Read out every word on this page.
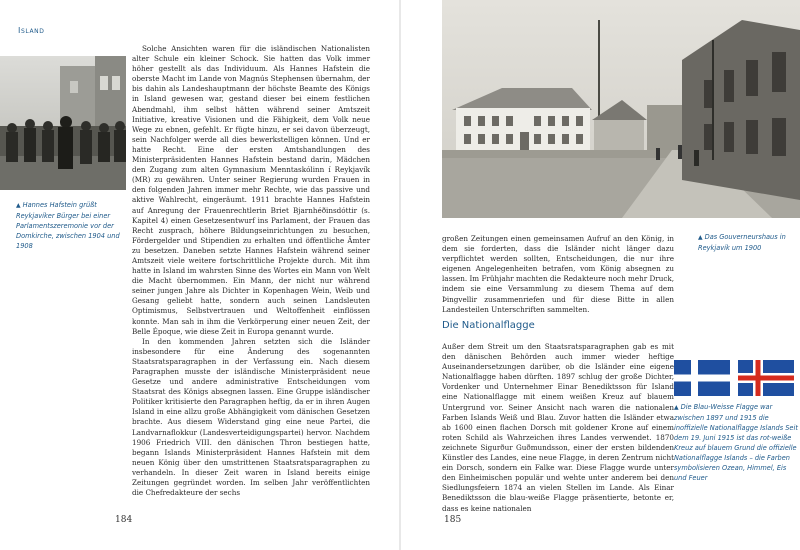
Island
▲ Hannes Hafstein grüßt Reykjavíker Bürger bei einer Parlamentszeremonie vor der Domkirche, zwischen 1904 und 1908

Solche Ansichten waren für die isländischen Nationalisten alter Schule ein kleiner Schock. Sie hatten das Volk immer höher gestellt als das Individuum. Als Hannes Hafstein die oberste Macht im Lande von Magnús Stephensen übernahm, der bis dahin als Landeshauptmann der höchste Beamte des Königs in Island gewesen war, gestand dieser bei einem festlichen Abendmahl, ihm selbst hätten während seiner Amtszeit Initiative, kreative Visionen und die Fähigkeit, dem Volk neue Wege zu ebnen, gefehlt. Er fügte hinzu, er sei davon überzeugt, sein Nachfolger werde all dies bewerkstelligen können. Und er hatte Recht. Eine der ersten Amtshandlungen des Ministerpräsidenten Hannes Hafstein bestand darin, Mädchen den Zugang zum alten Gymnasium Menntaskólinn í Reykjavík (MR) zu gewähren. Unter seiner Regierung wurden Frauen in den folgenden Jahren immer mehr Rechte, wie das passive und aktive Wahlrecht, eingeräumt. 1911 brachte Hannes Hafstein auf Anregung der Frauenrechtlerin Briet Bjarnhéðinsdóttir (s. Kapitel 4) einen Gesetzesentwurf ins Parlament, der Frauen das Recht zusprach, höhere Bildungseinrichtungen zu besuchen, Fördergelder und Stipendien zu erhalten und öffentliche Ämter zu besetzen. Daneben setzte Hannes Hafstein während seiner Amtszeit viele weitere fortschrittliche Projekte durch. Mit ihm hatte in Island im wahrsten Sinne des Wortes ein Mann von Welt die Macht übernommen. Ein Mann, der nicht nur während seiner jungen Jahre als Dichter in Kopenhagen Wein, Weib und Gesang geliebt hatte, sondern auch seinen Landsleuten Optimismus, Selbstvertrauen und Weltoffenheit einflössen konnte. Man sah in ihm die Verkörperung einer neuen Zeit, der Belle Époque, wie diese Zeit in Europa genannt wurde.

In den kommenden Jahren setzten sich die Isländer insbesondere für eine Änderung des sogenannten Staatsratsparagraphen in der Verfassung ein. Nach diesem Paragraphen musste der isländische Ministerpräsident neue Gesetze und andere administrative Entscheidungen vom Staatsrat des Königs absegnen lassen. Eine Gruppe isländischer Politiker kritisierte den Paragraphen heftig, da er in ihren Augen Island in eine allzu große Abhängigkeit vom dänischen Gesetzen brachte. Aus diesem Widerstand ging eine neue Partei, die Landvarnaflokkur (Landesverteidigungspartei) hervor. Nachdem 1906 Friedrich VIII. den dänischen Thron bestiegen hatte, begann Islands Ministerpräsident Hannes Hafstein mit dem neuen König über den umstrittenen Staatsratsparagraphen zu verhandeln. In dieser Zeit waren in Island bereits einige Zeitungen gegründet worden. Im selben Jahr veröffentlichten die Chefredakteure der sechs

184
▲ Das Gouverneurshaus in Reykjavík um 1900

großen Zeitungen einen gemeinsamen Aufruf an den König, in dem sie forderten, dass die Isländer nicht länger dazu verpflichtet werden sollten, Entscheidungen, die nur ihre eigenen Angelegenheiten betrafen, vom König absegnen zu lassen. Im Frühjahr machten die Redakteure noch mehr Druck, indem sie eine Versammlung zu diesem Thema auf dem Þingvellir zusammenriefen und für diese Bitte in allen Landesteilen Unterschriften sammelten.

Die Nationalflagge

Außer dem Streit um den Staatsratsparagraphen gab es mit den dänischen Behörden auch immer wieder heftige Auseinandersetzungen darüber, ob die Isländer eine eigene Nationalflagge haben dürften. 1897 schlug der große Dichter, Vordenker und Unternehmer Einar Benediktsson für Island eine Nationalflagge mit einem weißen Kreuz auf blauem Untergrund vor. Seiner Ansicht nach waren die nationalen Farben Islands Weiß und Blau. Zuvor hatten die Isländer etwa ab 1600 einen flachen Dorsch mit goldener Krone auf einem roten Schild als Wahrzeichen ihres Landes verwendet. 1870 zeichnete Sigurður Guðmundsson, einer der ersten bildenden Künstler des Landes, eine neue Flagge, in deren Zentrum nicht ein Dorsch, sondern ein Falke war. Diese Flagge wurde unter den Einheimischen populär und wehte unter anderem bei den Siedlungsfeiern 1874 an vielen Stellen im Lande. Als Einar Benediktsson die blau-weiße Flagge präsentierte, betonte er, dass es keine nationalen

▲ Die Blau-Weisse Flagge war zwischen 1897 und 1915 die inoffizielle Nationalflagge Islands Seit dem 19. Juni 1915 ist das rot-weiße Kreuz auf blauem Grund die offizielle Nationalflagge Islands – die Farben symbolisieren Ozean, Himmel, Eis und Feuer
185
